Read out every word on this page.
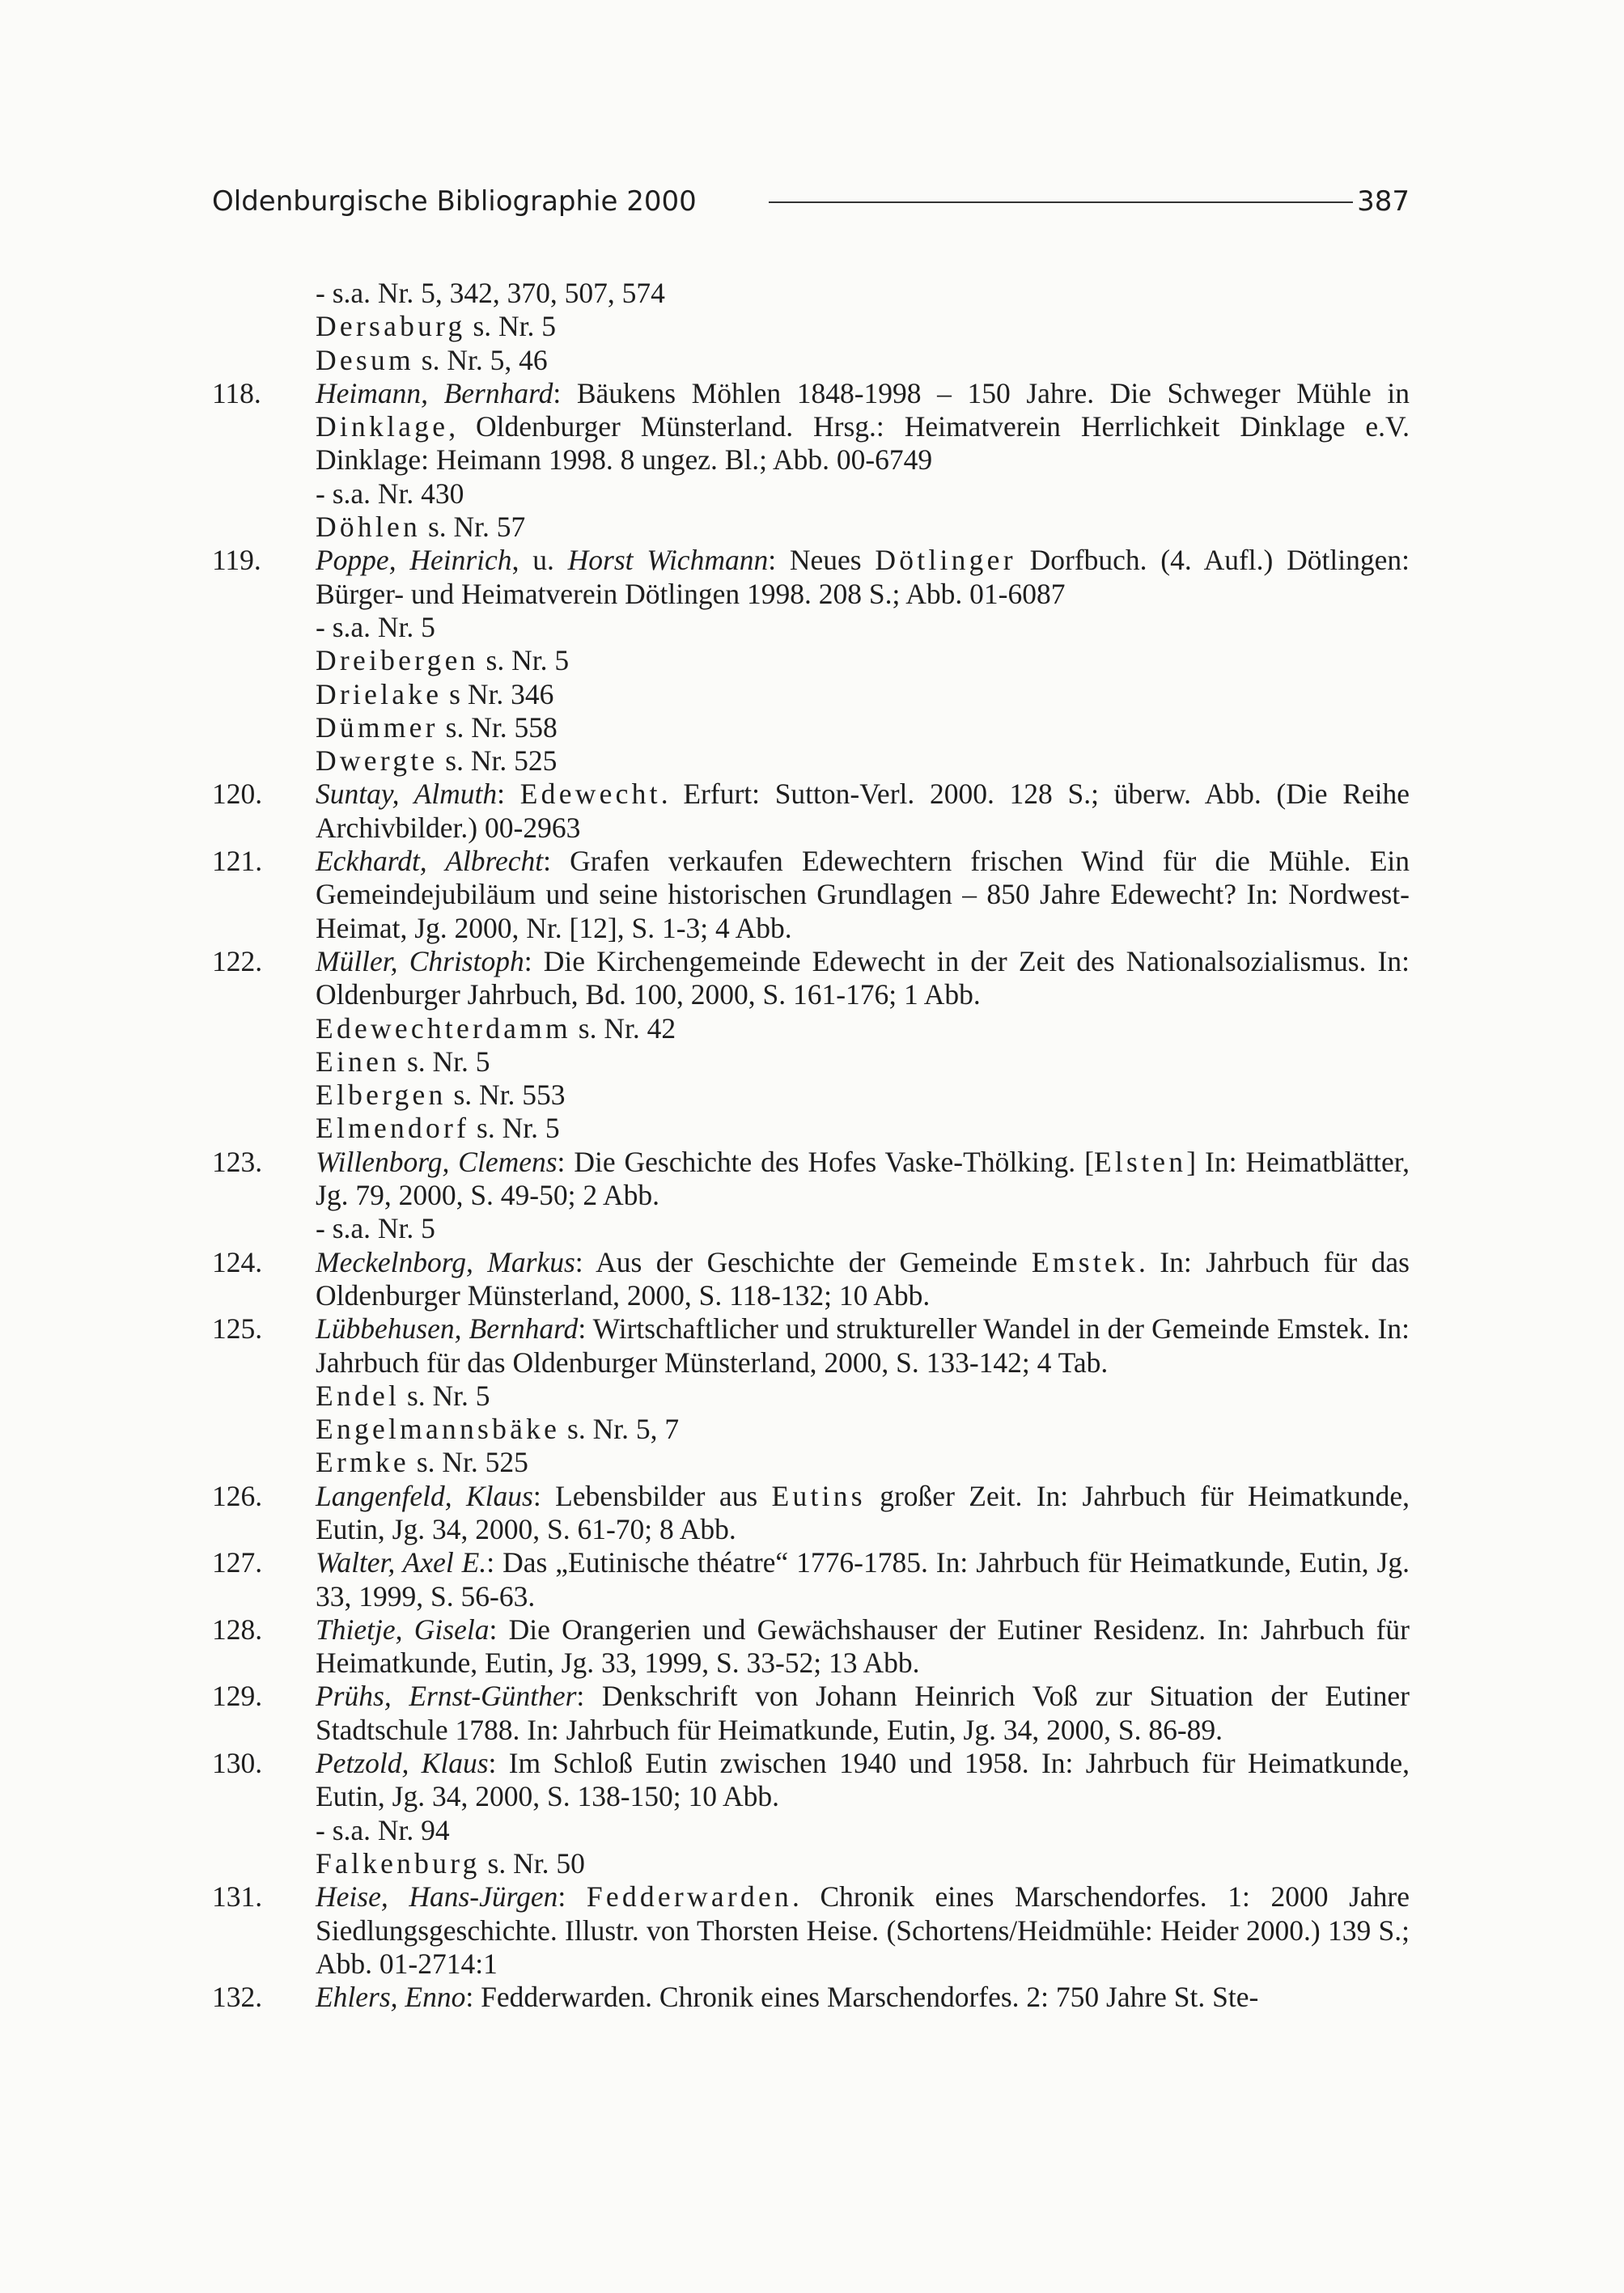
Oldenburgische Bibliographie 2000	387
- s.a. Nr. 5, 342, 370, 507, 574
Dersaburg s. Nr. 5
Desum s. Nr. 5, 46
118.	Heimann, Bernhard: Bäukens Möhlen 1848-1998 – 150 Jahre. Die Schweger Mühle in Dinklage, Oldenburger Münsterland. Hrsg.: Heimatverein Herrlichkeit Dinklage e.V. Dinklage: Heimann 1998. 8 ungez. Bl.; Abb. 00-6749
- s.a. Nr. 430
Döhlen s. Nr. 57
119.	Poppe, Heinrich, u. Horst Wichmann: Neues Dötlinger Dorfbuch. (4. Aufl.) Dötlingen: Bürger- und Heimatverein Dötlingen 1998. 208 S.; Abb. 01-6087
- s.a. Nr. 5
Dreibergen s. Nr. 5
Drielake s Nr. 346
Dümmer s. Nr. 558
Dwergte s. Nr. 525
120.	Suntay, Almuth: Edewecht. Erfurt: Sutton-Verl. 2000. 128 S.; überw. Abb. (Die Reihe Archivbilder.) 00-2963
121.	Eckhardt, Albrecht: Grafen verkaufen Edewechtern frischen Wind für die Mühle. Ein Gemeindejubiläum und seine historischen Grundlagen – 850 Jahre Edewecht? In: Nordwest-Heimat, Jg. 2000, Nr. [12], S. 1-3; 4 Abb.
122.	Müller, Christoph: Die Kirchengemeinde Edewecht in der Zeit des Nationalsozialismus. In: Oldenburger Jahrbuch, Bd. 100, 2000, S. 161-176; 1 Abb.
Edewechterdamm s. Nr. 42
Einen s. Nr. 5
Elbergen s. Nr. 553
Elmendorf s. Nr. 5
123.	Willenborg, Clemens: Die Geschichte des Hofes Vaske-Thölking. [Elsten] In: Heimatblätter, Jg. 79, 2000, S. 49-50; 2 Abb.
- s.a. Nr. 5
124.	Meckelnborg, Markus: Aus der Geschichte der Gemeinde Emstek. In: Jahrbuch für das Oldenburger Münsterland, 2000, S. 118-132; 10 Abb.
125.	Lübbehusen, Bernhard: Wirtschaftlicher und struktureller Wandel in der Gemeinde Emstek. In: Jahrbuch für das Oldenburger Münsterland, 2000, S. 133-142; 4 Tab.
Endel s. Nr. 5
Engelmannsbäke s. Nr. 5, 7
Ermke s. Nr. 525
126.	Langenfeld, Klaus: Lebensbilder aus Eutins großer Zeit. In: Jahrbuch für Heimatkunde, Eutin, Jg. 34, 2000, S. 61-70; 8 Abb.
127.	Walter, Axel E.: Das „Eutinische théatre“ 1776-1785. In: Jahrbuch für Heimatkunde, Eutin, Jg. 33, 1999, S. 56-63.
128.	Thietje, Gisela: Die Orangerien und Gewächshauser der Eutiner Residenz. In: Jahrbuch für Heimatkunde, Eutin, Jg. 33, 1999, S. 33-52; 13 Abb.
129.	Prühs, Ernst-Günther: Denkschrift von Johann Heinrich Voß zur Situation der Eutiner Stadtschule 1788. In: Jahrbuch für Heimatkunde, Eutin, Jg. 34, 2000, S. 86-89.
130.	Petzold, Klaus: Im Schloß Eutin zwischen 1940 und 1958. In: Jahrbuch für Heimatkunde, Eutin, Jg. 34, 2000, S. 138-150; 10 Abb.
- s.a. Nr. 94
Falkenburg s. Nr. 50
131.	Heise, Hans-Jürgen: Fedderwarden. Chronik eines Marschendorfes. 1: 2000 Jahre Siedlungsgeschichte. Illustr. von Thorsten Heise. (Schortens/Heidmühle: Heider 2000.) 139 S.; Abb. 01-2714:1
132.	Ehlers, Enno: Fedderwarden. Chronik eines Marschendorfes. 2: 750 Jahre St. Ste-
